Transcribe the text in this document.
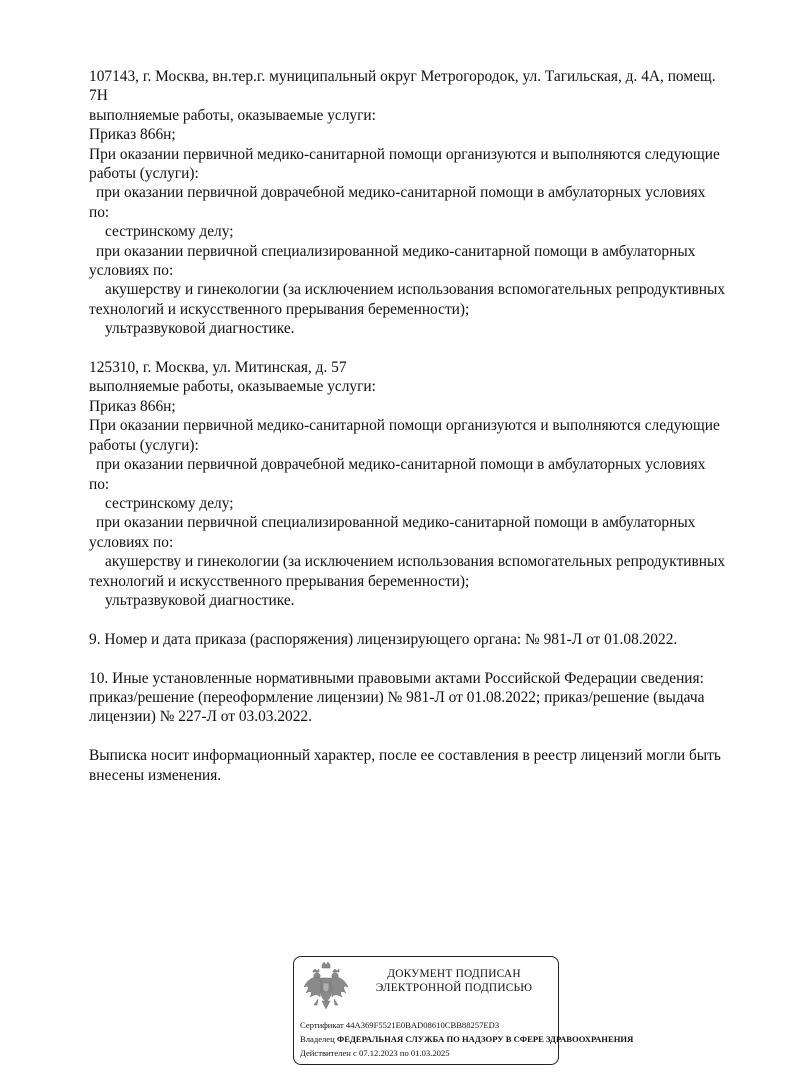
107143, г. Москва, вн.тер.г. муниципальный округ Метрогородок, ул. Тагильская, д. 4А, помещ.
7Н
выполняемые работы, оказываемые услуги:
Приказ 866н;
При оказании первичной медико-санитарной помощи организуются и выполняются следующие
работы (услуги):
при оказании первичной доврачебной медико-санитарной помощи в амбулаторных условиях
по:
сестринскому делу;
при оказании первичной специализированной медико-санитарной помощи в амбулаторных
условиях по:
акушерству и гинекологии (за исключением использования вспомогательных репродуктивных
технологий и искусственного прерывания беременности);
ультразвуковой диагностике.
125310, г. Москва, ул. Митинская, д. 57
выполняемые работы, оказываемые услуги:
Приказ 866н;
При оказании первичной медико-санитарной помощи организуются и выполняются следующие
работы (услуги):
при оказании первичной доврачебной медико-санитарной помощи в амбулаторных условиях
по:
сестринскому делу;
при оказании первичной специализированной медико-санитарной помощи в амбулаторных
условиях по:
акушерству и гинекологии (за исключением использования вспомогательных репродуктивных
технологий и искусственного прерывания беременности);
ультразвуковой диагностике.
9. Номер и дата приказа (распоряжения) лицензирующего органа: № 981-Л от 01.08.2022.
10. Иные установленные нормативными правовыми актами Российской Федерации сведения:
приказ/решение (переоформление лицензии) № 981-Л от 01.08.2022; приказ/решение (выдача
лицензии) № 227-Л от 03.03.2022.
Выписка носит информационный характер, после ее составления в реестр лицензий могли быть
внесены изменения.
ДОКУМЕНТ ПОДПИСАН
ЭЛЕКТРОННОЙ ПОДПИСЬЮ
Сертификат 44A369F5521E0BAD08610CBB88257ED3
Владелец ФЕДЕРАЛЬНАЯ СЛУЖБА ПО НАДЗОРУ В СФЕРЕ ЗДРАВООХРАНЕНИЯ
Действителен с 07.12.2023 по 01.03.2025
